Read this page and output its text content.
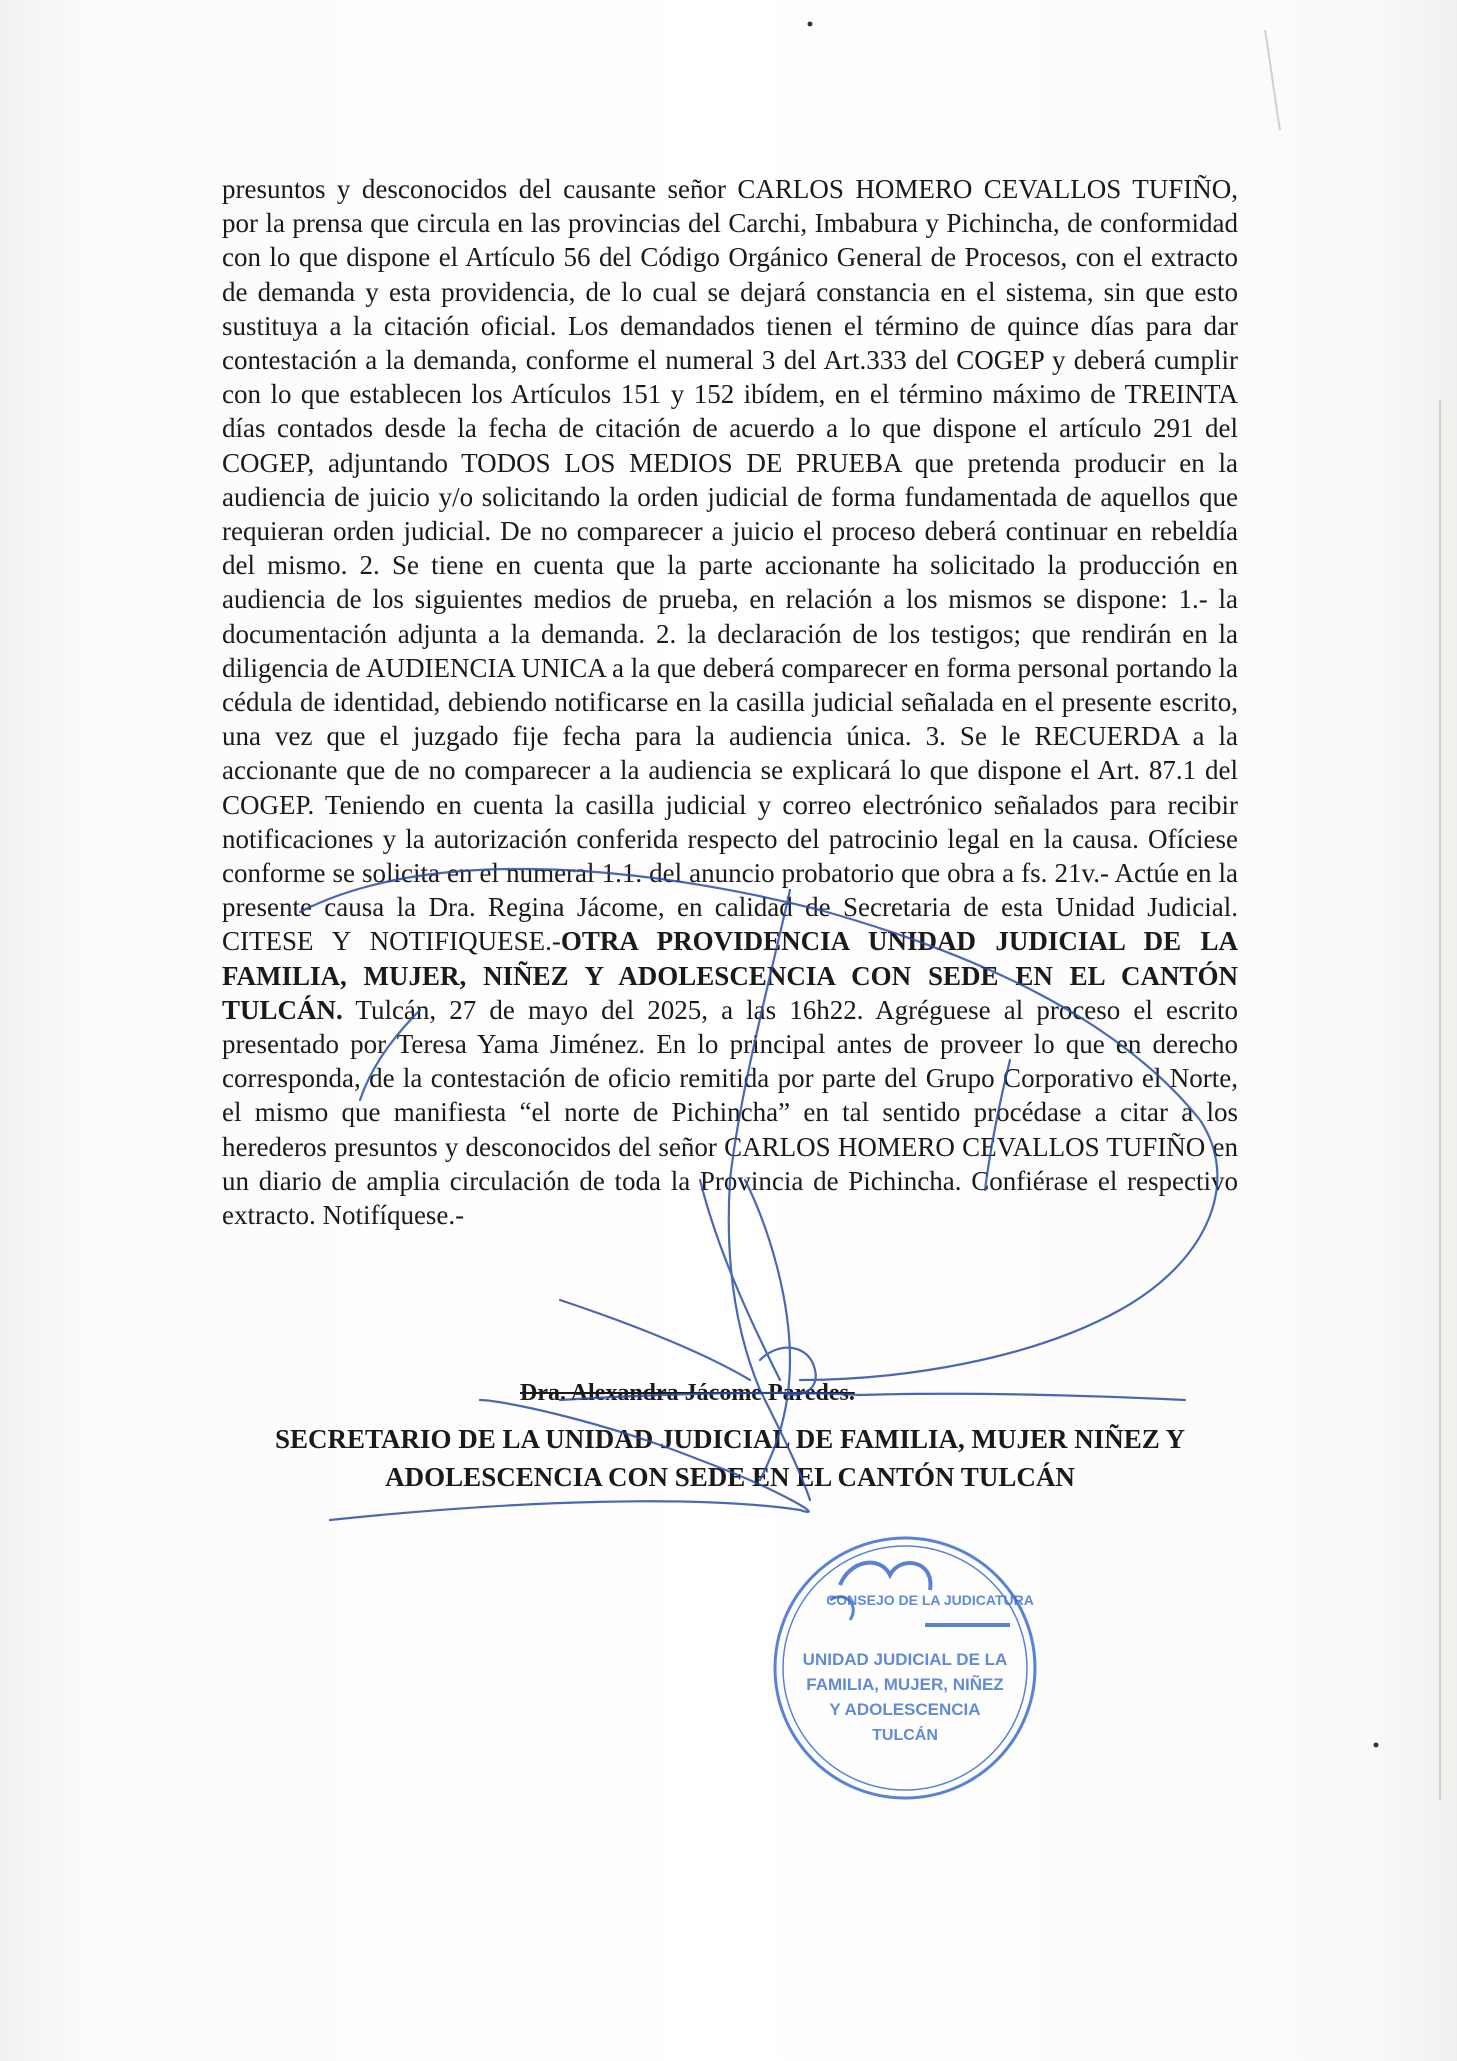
presuntos y desconocidos del causante señor CARLOS HOMERO CEVALLOS TUFIÑO, por la prensa que circula en las provincias del Carchi, Imbabura y Pichincha, de conformidad con lo que dispone el Artículo 56 del Código Orgánico General de Procesos, con el extracto de demanda y esta providencia, de lo cual se dejará constancia en el sistema, sin que esto sustituya a la citación oficial. Los demandados tienen el término de quince días para dar contestación a la demanda, conforme el numeral 3 del Art.333 del COGEP y deberá cumplir con lo que establecen los Artículos 151 y 152 ibídem, en el término máximo de TREINTA días contados desde la fecha de citación de acuerdo a lo que dispone el artículo 291 del COGEP, adjuntando TODOS LOS MEDIOS DE PRUEBA que pretenda producir en la audiencia de juicio y/o solicitando la orden judicial de forma fundamentada de aquellos que requieran orden judicial. De no comparecer a juicio el proceso deberá continuar en rebeldía del mismo. 2. Se tiene en cuenta que la parte accionante ha solicitado la producción en audiencia de los siguientes medios de prueba, en relación a los mismos se dispone: 1.- la documentación adjunta a la demanda. 2. la declaración de los testigos; que rendirán en la diligencia de AUDIENCIA UNICA a la que deberá comparecer en forma personal portando la cédula de identidad, debiendo notificarse en la casilla judicial señalada en el presente escrito, una vez que el juzgado fije fecha para la audiencia única. 3. Se le RECUERDA a la accionante que de no comparecer a la audiencia se explicará lo que dispone el Art. 87.1 del COGEP. Teniendo en cuenta la casilla judicial y correo electrónico señalados para recibir notificaciones y la autorización conferida respecto del patrocinio legal en la causa. Ofíciese conforme se solicita en el numeral 1.1. del anuncio probatorio que obra a fs. 21v.- Actúe en la presente causa la Dra. Regina Jácome, en calidad de Secretaria de esta Unidad Judicial. CITESE Y NOTIFIQUESE.-OTRA PROVIDENCIA UNIDAD JUDICIAL DE LA FAMILIA, MUJER, NIÑEZ Y ADOLESCENCIA CON SEDE EN EL CANTÓN TULCÁN. Tulcán, 27 de mayo del 2025, a las 16h22. Agréguese al proceso el escrito presentado por Teresa Yama Jiménez. En lo principal antes de proveer lo que en derecho corresponda, de la contestación de oficio remitida por parte del Grupo Corporativo el Norte, el mismo que manifiesta “el norte de Pichincha” en tal sentido procédase a citar a los herederos presuntos y desconocidos del señor CARLOS HOMERO CEVALLOS TUFIÑO en un diario de amplia circulación de toda la Provincia de Pichincha. Confiérase el respectivo extracto. Notifíquese.-
Dra. Alexandra Jácome Paredes.
SECRETARIO DE LA UNIDAD JUDICIAL DE FAMILIA, MUJER NIÑEZ Y
ADOLESCENCIA CON SEDE EN EL CANTÓN TULCÁN
CONSEJO DE LA JUDICATURA
UNIDAD JUDICIAL DE LA
FAMILIA, MUJER, NIÑEZ
Y ADOLESCENCIA
TULCÁN
